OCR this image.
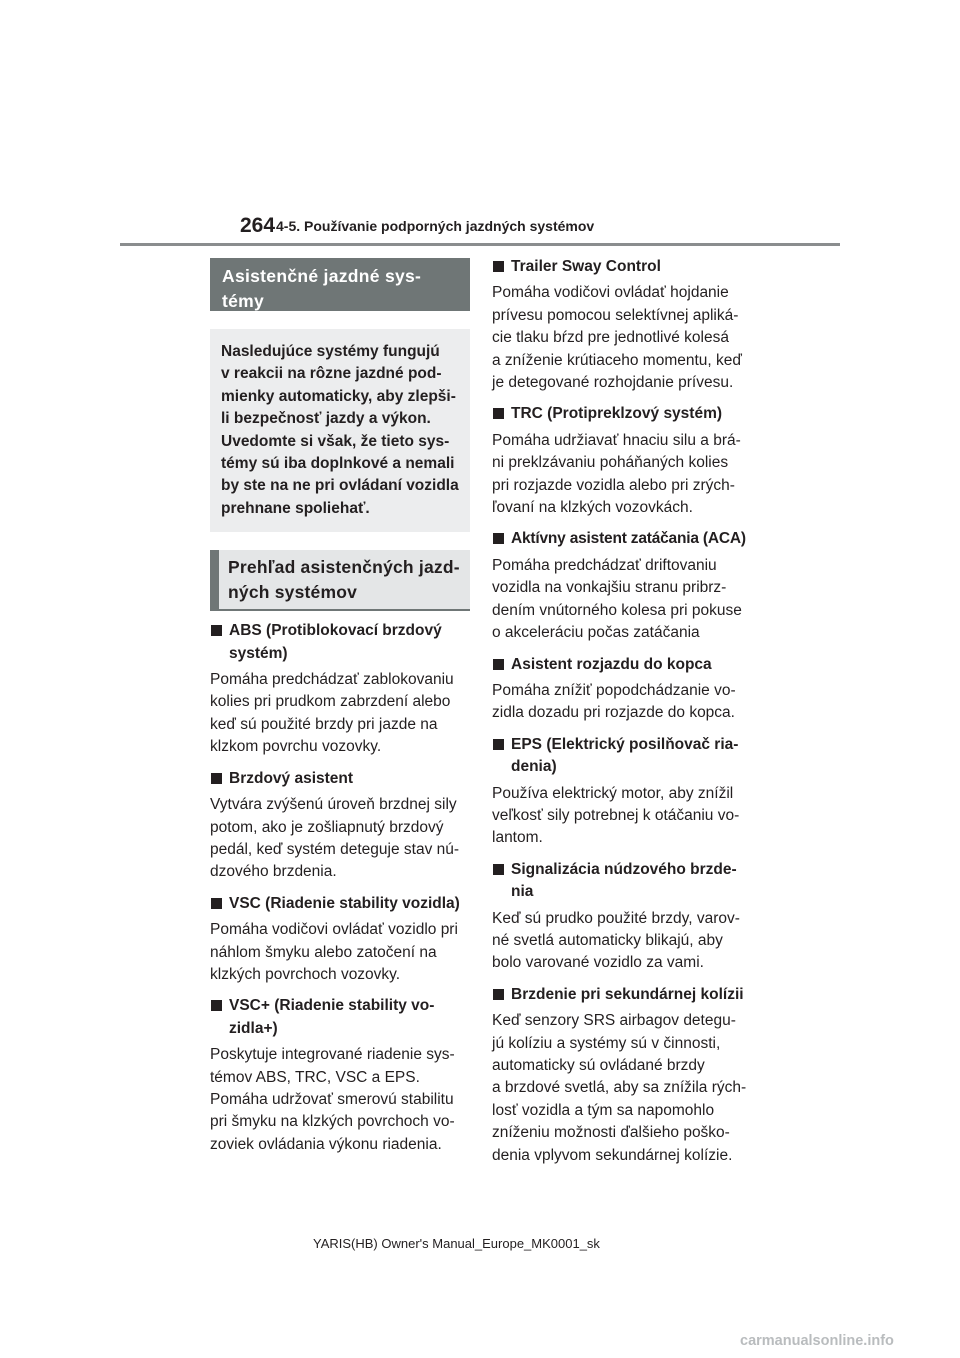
264 4-5. Používanie podporných jazdných systémov
Asistenčné jazdné sys-
témy
Nasledujúce systémy fungujú
v reakcii na rôzne jazdné pod-
mienky automaticky, aby zlepši-
li bezpečnosť jazdy a výkon.
Uvedomte si však, že tieto sys-
témy sú iba doplnkové a nemali
by ste na ne pri ovládaní vozidla
prehnane spoliehať.
Prehľad asistenčných jazd-
ných systémov
ABS (Protiblokovací brzdový
systém)
Pomáha predchádzať zablokovaniu
kolies pri prudkom zabrzdení alebo
keď sú použité brzdy pri jazde na
klzkom povrchu vozovky.
Brzdový asistent
Vytvára zvýšenú úroveň brzdnej sily
potom, ako je zošliapnutý brzdový
pedál, keď systém deteguje stav nú-
dzového brzdenia.
VSC (Riadenie stability vozidla)
Pomáha vodičovi ovládať vozidlo pri
náhlom šmyku alebo zatočení na
klzkých povrchoch vozovky.
VSC+ (Riadenie stability vo-
zidla+)
Poskytuje integrované riadenie sys-
témov ABS, TRC, VSC a EPS.
Pomáha udržovať smerovú stabilitu
pri šmyku na klzkých povrchoch vo-
zoviek ovládania výkonu riadenia.
Trailer Sway Control
Pomáha vodičovi ovládať hojdanie
prívesu pomocou selektívnej apliká-
cie tlaku bŕzd pre jednotlivé kolesá
a zníženie krútiaceho momentu, keď
je detegované rozhojdanie prívesu.
TRC (Protipreklzový systém)
Pomáha udržiavať hnaciu silu a brá-
ni preklzávaniu poháňaných kolies
pri rozjazde vozidla alebo pri zrých-
ľovaní na klzkých vozovkách.
Aktívny asistent zatáčania (ACA)
Pomáha predchádzať driftovaniu
vozidla na vonkajšiu stranu pribrz-
dením vnútorného kolesa pri pokuse
o akceleráciu počas zatáčania
Asistent rozjazdu do kopca
Pomáha znížiť popodchádzanie vo-
zidla dozadu pri rozjazde do kopca.
EPS (Elektrický posilňovač ria-
denia)
Používa elektrický motor, aby znížil
veľkosť sily potrebnej k otáčaniu vo-
lantom.
Signalizácia núdzového brzde-
nia
Keď sú prudko použité brzdy, varov-
né svetlá automaticky blikajú, aby
bolo varované vozidlo za vami.
Brzdenie pri sekundárnej kolízii
Keď senzory SRS airbagov detegu-
jú kolíziu a systémy sú v činnosti,
automaticky sú ovládané brzdy
a brzdové svetlá, aby sa znížila rých-
losť vozidla a tým sa napomohlo
zníženiu možnosti ďalšieho poško-
denia vplyvom sekundárnej kolízie.
YARIS(HB) Owner's Manual_Europe_MK0001_sk
carmanualsonline.info
